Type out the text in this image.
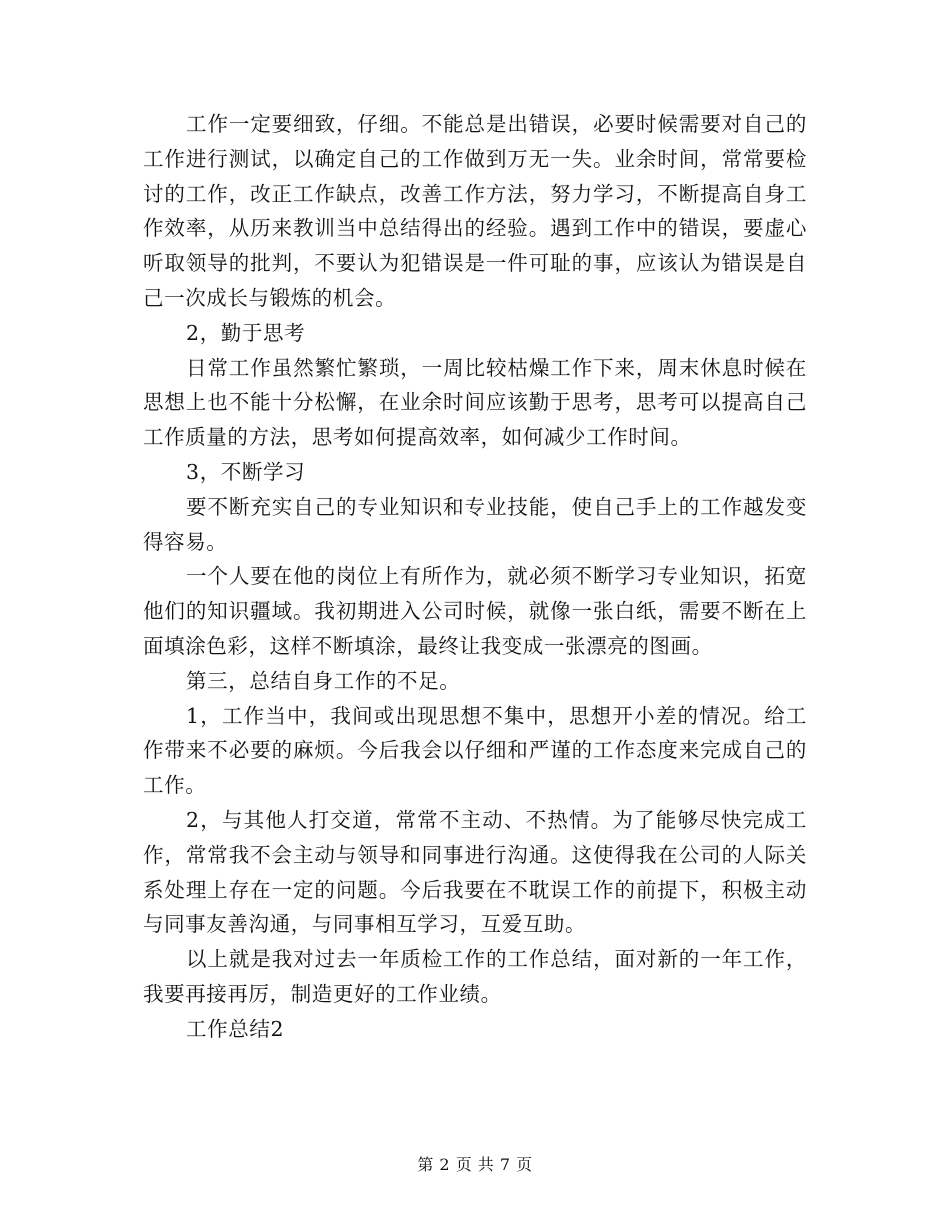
工作一定要细致，仔细。不能总是出错误，必要时候需要对自己的工作进行测试，以确定自己的工作做到万无一失。业余时间，常常要检讨的工作，改正工作缺点，改善工作方法，努力学习，不断提高自身工作效率，从历来教训当中总结得出的经验。遇到工作中的错误，要虚心听取领导的批判，不要认为犯错误是一件可耻的事，应该认为错误是自己一次成长与锻炼的机会。

2，勤于思考

日常工作虽然繁忙繁琐，一周比较枯燥工作下来，周末休息时候在思想上也不能十分松懈，在业余时间应该勤于思考，思考可以提高自己工作质量的方法，思考如何提高效率，如何减少工作时间。

3，不断学习

要不断充实自己的专业知识和专业技能，使自己手上的工作越发变得容易。

一个人要在他的岗位上有所作为，就必须不断学习专业知识，拓宽他们的知识疆域。我初期进入公司时候，就像一张白纸，需要不断在上面填涂色彩，这样不断填涂，最终让我变成一张漂亮的图画。

第三，总结自身工作的不足。

1，工作当中，我间或出现思想不集中，思想开小差的情况。给工作带来不必要的麻烦。今后我会以仔细和严谨的工作态度来完成自己的工作。

2，与其他人打交道，常常不主动、不热情。为了能够尽快完成工作，常常我不会主动与领导和同事进行沟通。这使得我在公司的人际关系处理上存在一定的问题。今后我要在不耽误工作的前提下，积极主动与同事友善沟通，与同事相互学习，互爱互助。

以上就是我对过去一年质检工作的工作总结，面对新的一年工作，我要再接再厉，制造更好的工作业绩。

工作总结2

第 2 页 共 7 页
